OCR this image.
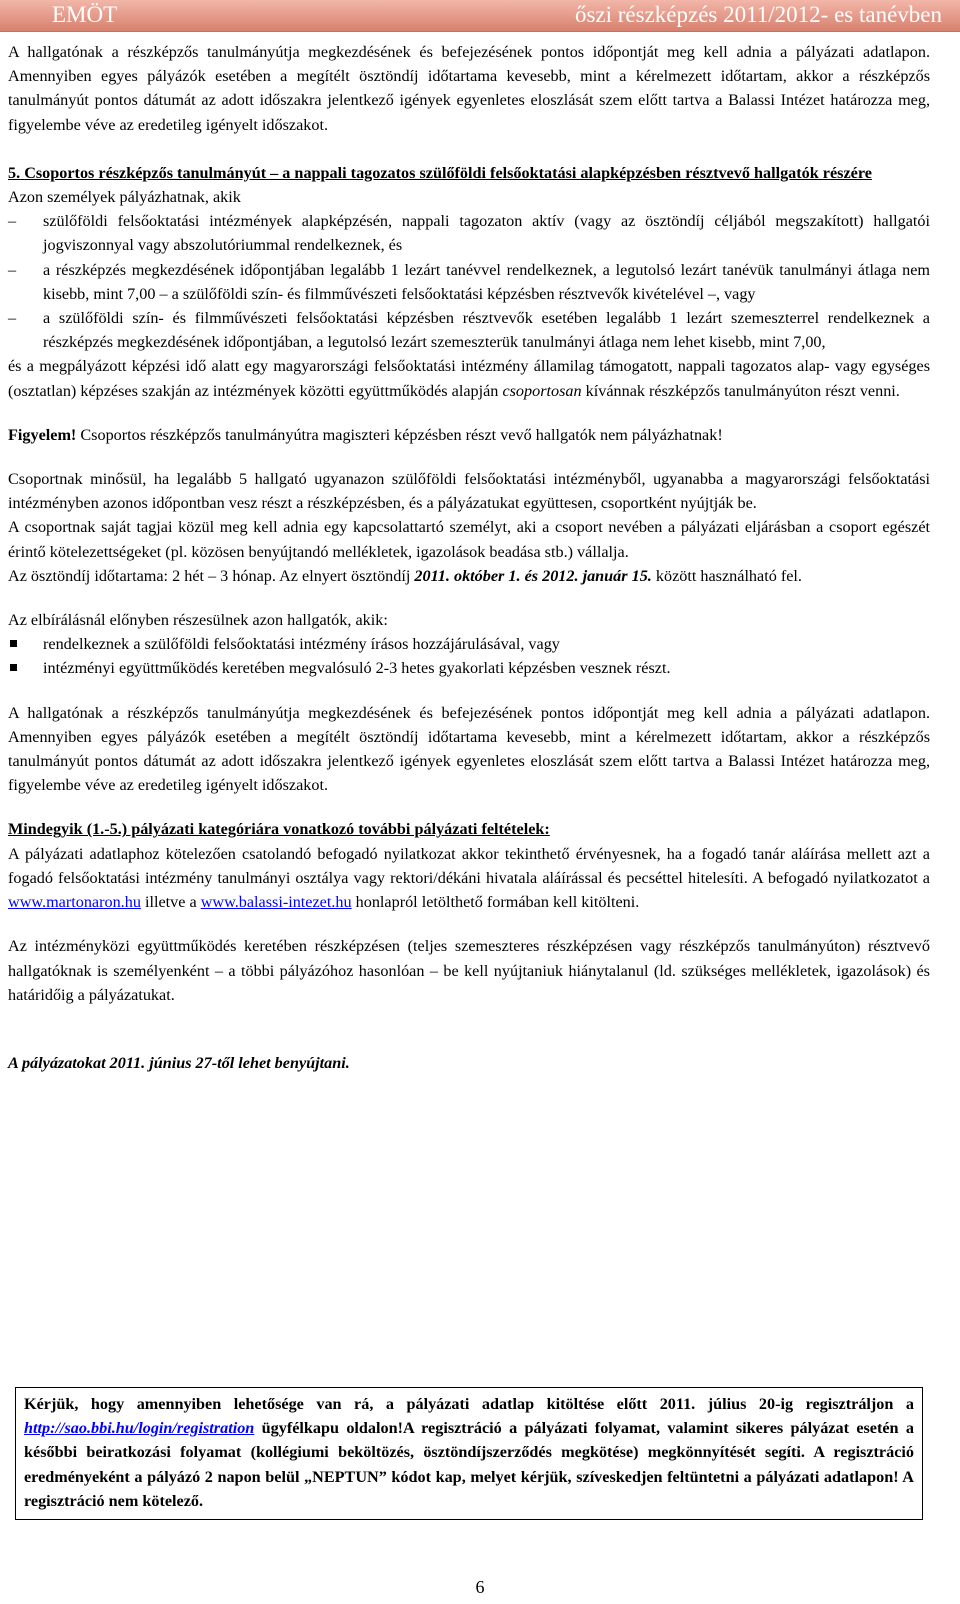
EMÖT	őszi részképzés 2011/2012- es tanévben

A hallgatónak a részképzős tanulmányútja megkezdésének és befejezésének pontos időpontját meg kell adnia a pályázati adatlapon. Amennyiben egyes pályázók esetében a megítélt ösztöndíj időtartama kevesebb, mint a kérelmezett időtartam, akkor a részképzős tanulmányút pontos dátumát az adott időszakra jelentkező igények egyenletes eloszlását szem előtt tartva a Balassi Intézet határozza meg, figyelembe véve az eredetileg igényelt időszakot.

5. Csoportos részképzős tanulmányút – a nappali tagozatos szülőföldi felsőoktatási alapképzésben résztvevő hallgatók részére

Azon személyek pályázhatnak, akik

–	szülőföldi felsőoktatási intézmények alapképzésén, nappali tagozaton aktív (vagy az ösztöndíj céljából megszakított) hallgatói jogviszonnyal vagy abszolutóriummal rendelkeznek, és
–	a részképzés megkezdésének időpontjában legalább 1 lezárt tanévvel rendelkeznek, a legutolsó lezárt tanévük tanulmányi átlaga nem kisebb, mint 7,00 – a szülőföldi szín- és filmművészeti felsőoktatási képzésben résztvevők kivételével –, vagy
–	a szülőföldi szín- és filmművészeti felsőoktatási képzésben résztvevők esetében legalább 1 lezárt szemeszterrel rendelkeznek a részképzés megkezdésének időpontjában, a legutolsó lezárt szemeszterük tanulmányi átlaga nem lehet kisebb, mint 7,00,

és a megpályázott képzési idő alatt egy magyarországi felsőoktatási intézmény államilag támogatott, nappali tagozatos alap- vagy egységes (osztatlan) képzéses szakján az intézmények közötti együttműködés alapján csoportosan kívánnak részképzős tanulmányúton részt venni.

Figyelem! Csoportos részképzős tanulmányútra magiszteri képzésben részt vevő hallgatók nem pályázhatnak!

Csoportnak minősül, ha legalább 5 hallgató ugyanazon szülőföldi felsőoktatási intézményből, ugyanabba a magyarországi felsőoktatási intézményben azonos időpontban vesz részt a részképzésben, és a pályázatukat együttesen, csoportként nyújtják be.

A csoportnak saját tagjai közül meg kell adnia egy kapcsolattartó személyt, aki a csoport nevében a pályázati eljárásban a csoport egészét érintő kötelezettségeket (pl. közösen benyújtandó mellékletek, igazolások beadása stb.) vállalja.

Az ösztöndíj időtartama: 2 hét – 3 hónap. Az elnyert ösztöndíj 2011. október 1. és 2012. január 15. között használható fel.

Az elbírálásnál előnyben részesülnek azon hallgatók, akik:

rendelkeznek a szülőföldi felsőoktatási intézmény írásos hozzájárulásával, vagy
intézményi együttműködés keretében megvalósuló 2-3 hetes gyakorlati képzésben vesznek részt.

A hallgatónak a részképzős tanulmányútja megkezdésének és befejezésének pontos időpontját meg kell adnia a pályázati adatlapon. Amennyiben egyes pályázók esetében a megítélt ösztöndíj időtartama kevesebb, mint a kérelmezett időtartam, akkor a részképzős tanulmányút pontos dátumát az adott időszakra jelentkező igények egyenletes eloszlását szem előtt tartva a Balassi Intézet határozza meg, figyelembe véve az eredetileg igényelt időszakot.

Mindegyik (1.-5.) pályázati kategóriára vonatkozó további pályázati feltételek:

A pályázati adatlaphoz kötelezően csatolandó befogadó nyilatkozat akkor tekinthető érvényesnek, ha a fogadó tanár aláírása mellett azt a fogadó felsőoktatási intézmény tanulmányi osztálya vagy rektori/dékáni hivatala aláírással és pecséttel hitelesíti. A befogadó nyilatkozatot a www.martonaron.hu illetve a www.balassi-intezet.hu honlapról letölthető formában kell kitölteni.

Az intézményközi együttműködés keretében részképzésen (teljes szemeszteres részképzésen vagy részképzős tanulmányúton) résztvevő hallgatóknak is személyenként – a többi pályázóhoz hasonlóan – be kell nyújtaniuk hiánytalanul (ld. szükséges mellékletek, igazolások) és határidőig a pályázatukat.

A pályázatokat 2011. június 27-től lehet benyújtani.

Kérjük, hogy amennyiben lehetősége van rá, a pályázati adatlap kitöltése előtt 2011. július 20-ig regisztráljon a http://sao.bbi.hu/login/registration ügyfélkapu oldalon!A regisztráció a pályázati folyamat, valamint sikeres pályázat esetén a későbbi beiratkozási folyamat (kollégiumi beköltözés, ösztöndíjszerződés megkötése) megkönnyítését segíti. A regisztráció eredményeként a pályázó 2 napon belül „NEPTUN” kódot kap, melyet kérjük, szíveskedjen feltüntetni a pályázati adatlapon! A regisztráció nem kötelező.
6
